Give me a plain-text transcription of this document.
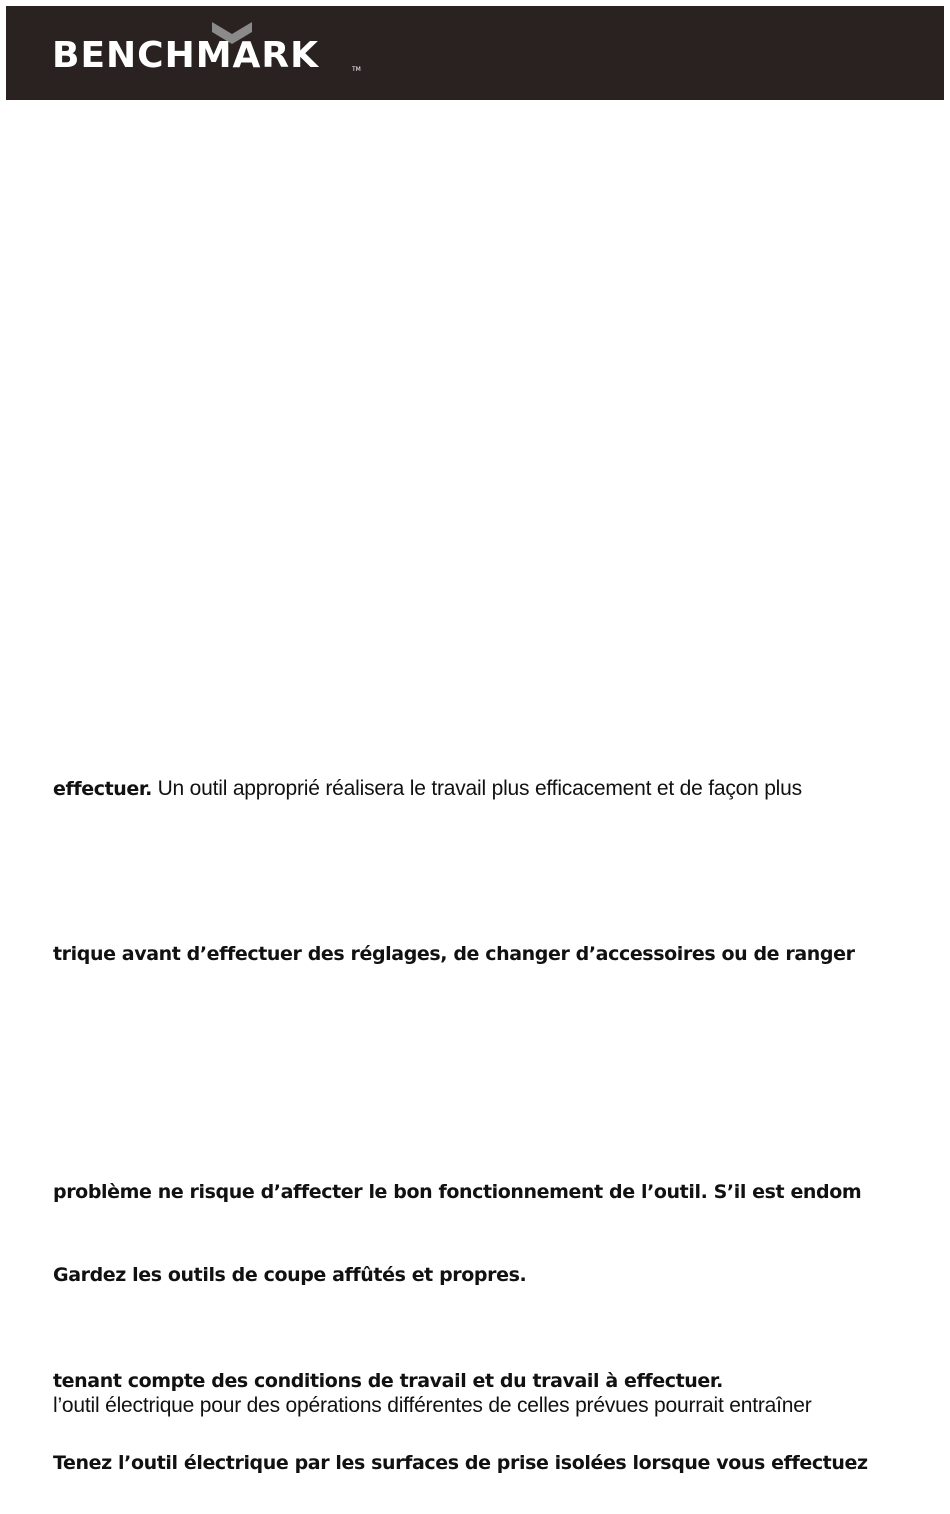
BENCHMARK	TM

effectuer. Un outil approprié réalisera le travail plus efficacement et de façon plus

trique avant d’effectuer des réglages, de changer d’accessoires ou de ranger

problème ne risque d’affecter le bon fonctionnement de l’outil. S’il est endom

Gardez les outils de coupe affûtés et propres.

tenant compte des conditions de travail et du travail à effectuer.

l’outil électrique pour des opérations différentes de celles prévues pourrait entraîner

Tenez l’outil électrique par les surfaces de prise isolées lorsque vous effectuez
